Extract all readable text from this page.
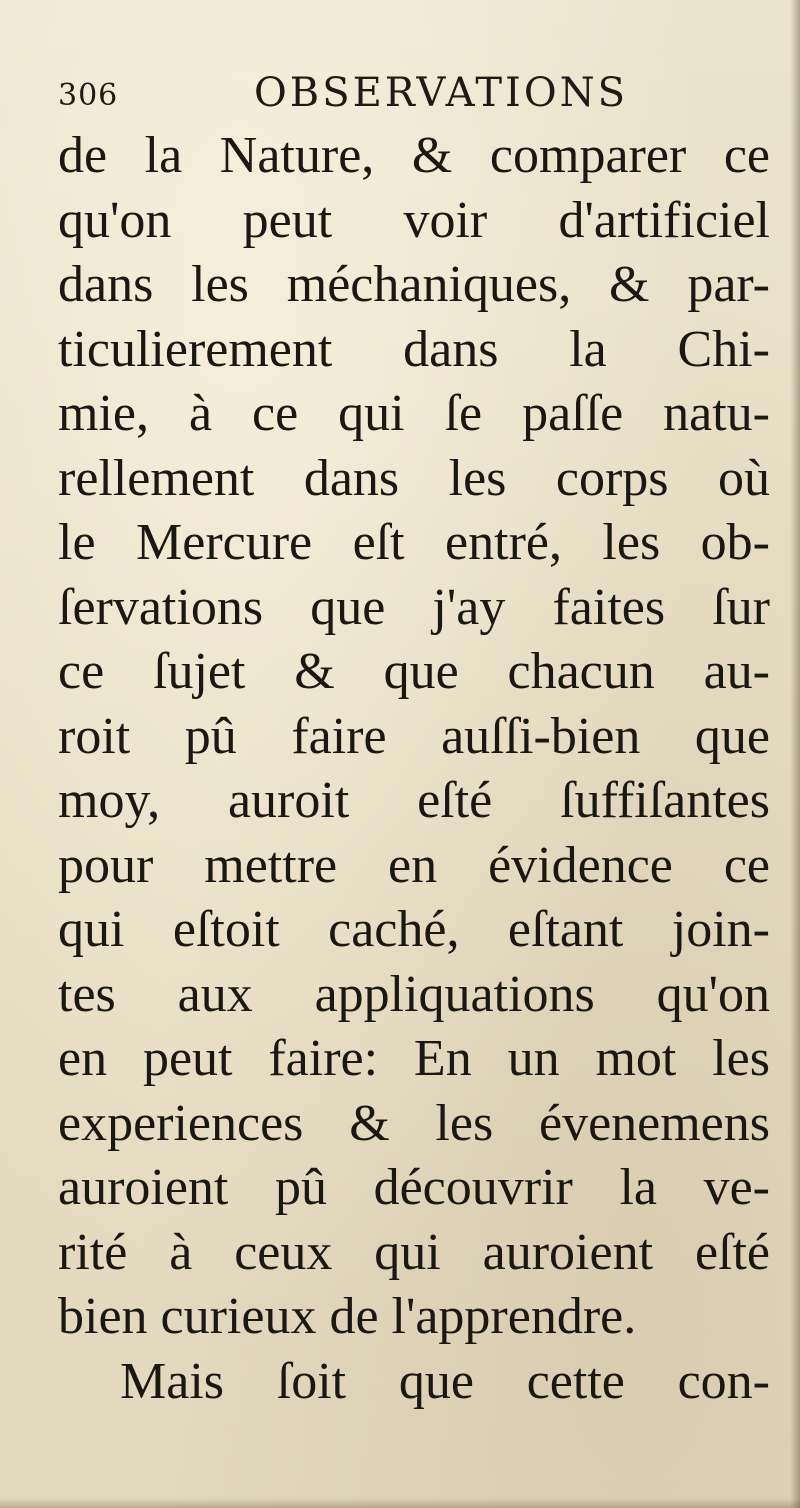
306	OBSERVATIONS
de la Nature, & comparer ce
qu'on peut voir d'artificiel
dans les méchaniques, & par-
ticulierement dans la Chi-
mie, à ce qui ſe paſſe natu-
rellement dans les corps où
le Mercure eſt entré, les ob-
ſervations que j'ay faites ſur
ce ſujet & que chacun au-
roit pû faire auſſi-bien que
moy, auroit eſté ſuffiſantes
pour mettre en évidence ce
qui eſtoit caché, eſtant join-
tes aux appliquations qu'on
en peut faire: En un mot les
experiences & les évenemens
auroient pû découvrir la ve-
rité à ceux qui auroient eſté
bien curieux de l'apprendre.
Mais ſoit que cette con-
